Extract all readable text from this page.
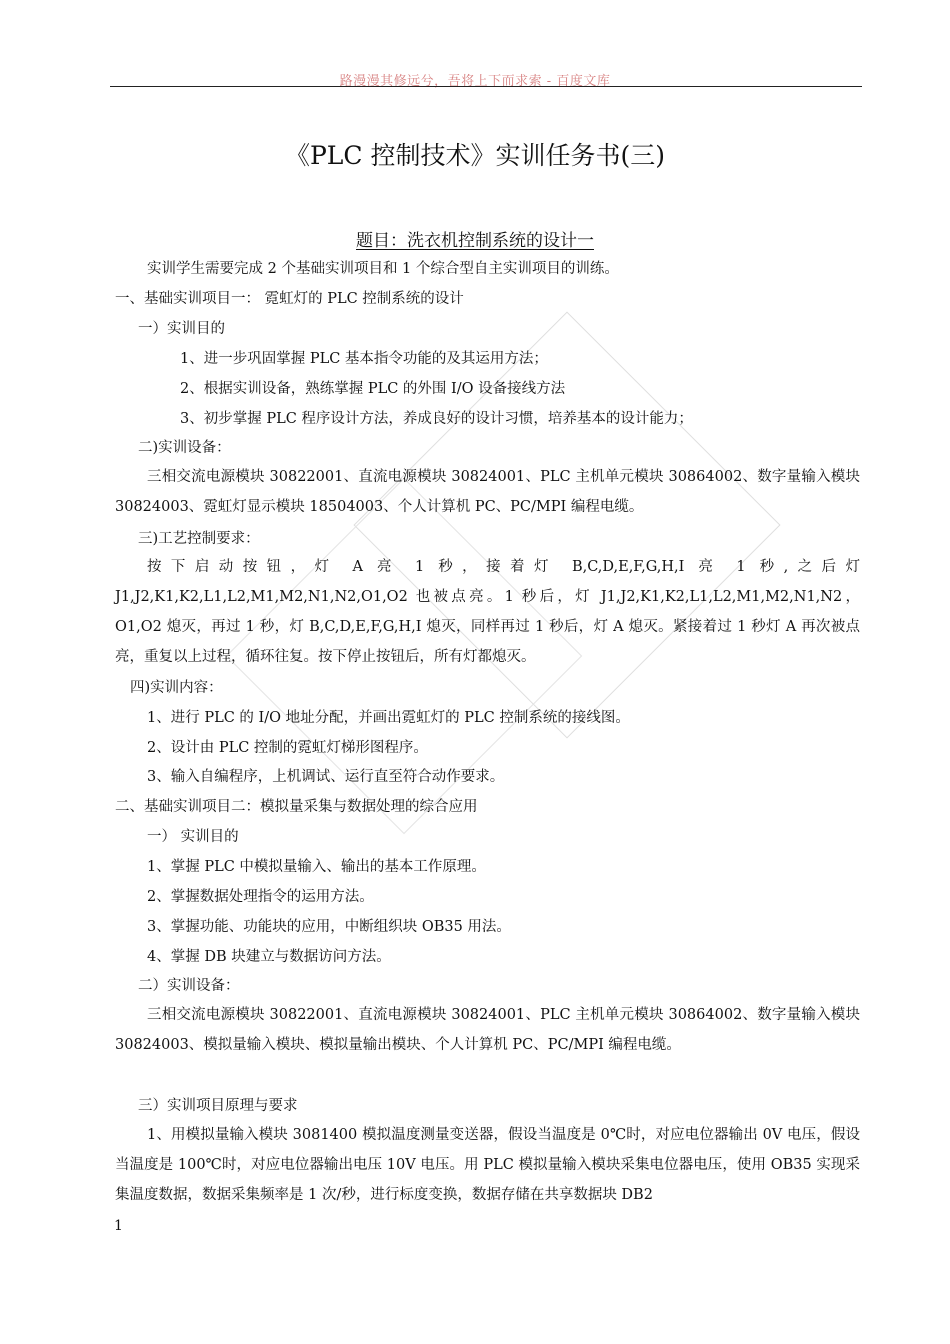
路漫漫其修远兮，吾将上下而求索 - 百度文库
《PLC 控制技术》实训任务书(三)
题目：洗衣机控制系统的设计一
实训学生需要完成 2 个基础实训项目和 1 个综合型自主实训项目的训练。
一、基础实训项目一： 霓虹灯的 PLC 控制系统的设计
一）实训目的
1、进一步巩固掌握 PLC 基本指令功能的及其运用方法；
2、根据实训设备，熟练掌握 PLC 的外围 I/O 设备接线方法
3、初步掌握 PLC 程序设计方法，养成良好的设计习惯，培养基本的设计能力；
二)实训设备：
三相交流电源模块 30822001、直流电源模块 30824001、PLC 主机单元模块 30864002、数字量输入模块 30824003、霓虹灯显示模块 18504003、个人计算机 PC、PC/MPI 编程电缆。
三)工艺控制要求：
按下启动按钮，灯 A 亮 1 秒，接着灯 B,C,D,E,F,G,H,I 亮 1 秒,之后灯 J1,J2,K1,K2,L1,L2,M1,M2,N1,N2,O1,O2 也被点亮。1 秒后，灯 J1,J2,K1,K2,L1,L2,M1,M2,N1,N2，O1,O2 熄灭，再过 1 秒，灯 B,C,D,E,F,G,H,I 熄灭，同样再过 1 秒后，灯 A 熄灭。紧接着过 1 秒灯 A 再次被点亮，重复以上过程，循环往复。按下停止按钮后，所有灯都熄灭。
四)实训内容：
1、进行 PLC 的 I/O 地址分配，并画出霓虹灯的 PLC 控制系统的接线图。
2、设计由 PLC 控制的霓虹灯梯形图程序。
3、输入自编程序，上机调试、运行直至符合动作要求。
二、基础实训项目二：模拟量采集与数据处理的综合应用
一） 实训目的
1、掌握 PLC 中模拟量输入、输出的基本工作原理。
2、掌握数据处理指令的运用方法。
3、掌握功能、功能块的应用，中断组织块 OB35 用法。
4、掌握 DB 块建立与数据访问方法。
二）实训设备：
三相交流电源模块 30822001、直流电源模块 30824001、PLC 主机单元模块 30864002、数字量输入模块 30824003、模拟量输入模块、模拟量输出模块、个人计算机 PC、PC/MPI 编程电缆。
三）实训项目原理与要求
1、用模拟量输入模块 3081400 模拟温度测量变送器，假设当温度是 0℃时，对应电位器输出 0V 电压，假设当温度是 100℃时，对应电位器输出电压 10V 电压。用 PLC 模拟量输入模块采集电位器电压，使用 OB35 实现采集温度数据，数据采集频率是 1 次/秒，进行标度变换，数据存储在共享数据块 DB2
1
